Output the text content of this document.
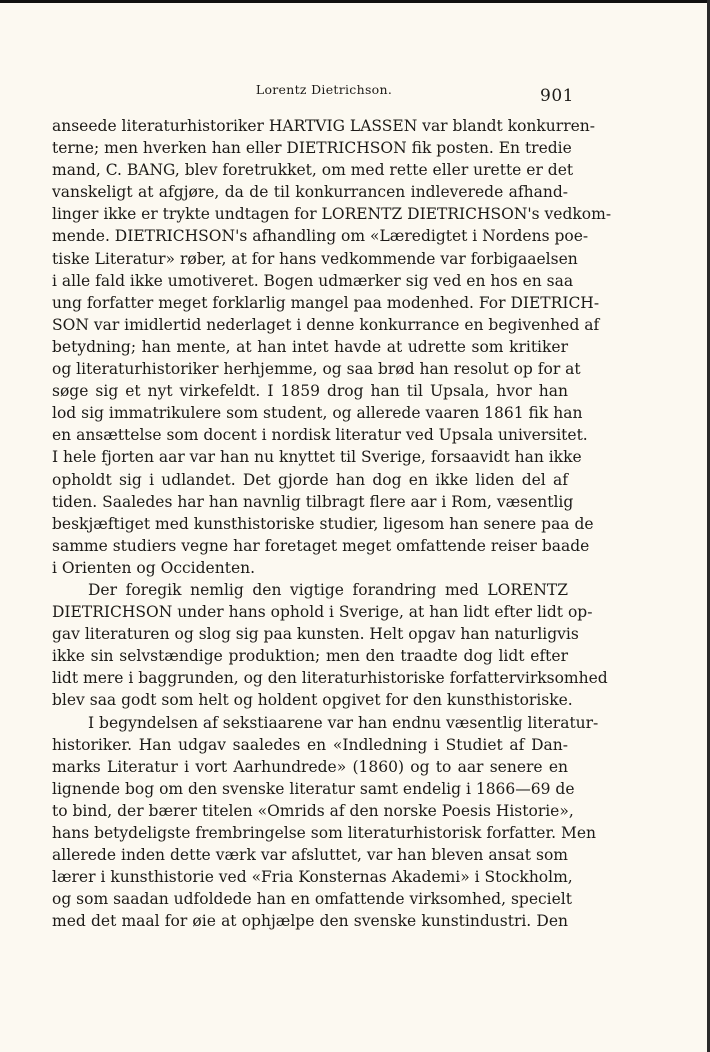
Lorentz Dietrichson.	901
anseede literaturhistoriker HARTVIG LASSEN var blandt konkurren-
terne; men hverken han eller DIETRICHSON fik posten. En tredie
mand, C. BANG, blev foretrukket, om med rette eller urette er det
vanskeligt at afgjøre, da de til konkurrancen indleverede afhand-
linger ikke er trykte undtagen for LORENTZ DIETRICHSON's vedkom-
mende. DIETRICHSON's afhandling om «Læredigtet i Nordens poe-
tiske Literatur» røber, at for hans vedkommende var forbigaaelsen
i alle fald ikke umotiveret. Bogen udmærker sig ved en hos en saa
ung forfatter meget forklarlig mangel paa modenhed. For DIETRICH-
SON var imidlertid nederlaget i denne konkurrance en begivenhed af
betydning; han mente, at han intet havde at udrette som kritiker
og literaturhistoriker herhjemme, og saa brød han resolut op for at
søge sig et nyt virkefeldt. I 1859 drog han til Upsala, hvor han
lod sig immatrikulere som student, og allerede vaaren 1861 fik han
en ansættelse som docent i nordisk literatur ved Upsala universitet.
I hele fjorten aar var han nu knyttet til Sverige, forsaavidt han ikke
opholdt sig i udlandet. Det gjorde han dog en ikke liden del af
tiden. Saaledes har han navnlig tilbragt flere aar i Rom, væsentlig
beskjæftiget med kunsthistoriske studier, ligesom han senere paa de
samme studiers vegne har foretaget meget omfattende reiser baade
i Orienten og Occidenten.
Der foregik nemlig den vigtige forandring med LORENTZ
DIETRICHSON under hans ophold i Sverige, at han lidt efter lidt op-
gav literaturen og slog sig paa kunsten. Helt opgav han naturligvis
ikke sin selvstændige produktion; men den traadte dog lidt efter
lidt mere i baggrunden, og den literaturhistoriske forfattervirksomhed
blev saa godt som helt og holdent opgivet for den kunsthistoriske.
I begyndelsen af sekstiaarene var han endnu væsentlig literatur-
historiker. Han udgav saaledes en «Indledning i Studiet af Dan-
marks Literatur i vort Aarhundrede» (1860) og to aar senere en
lignende bog om den svenske literatur samt endelig i 1866—69 de
to bind, der bærer titelen «Omrids af den norske Poesis Historie»,
hans betydeligste frembringelse som literaturhistorisk forfatter. Men
allerede inden dette værk var afsluttet, var han bleven ansat som
lærer i kunsthistorie ved «Fria Konsternas Akademi» i Stockholm,
og som saadan udfoldede han en omfattende virksomhed, specielt
med det maal for øie at ophjælpe den svenske kunstindustri. Den
